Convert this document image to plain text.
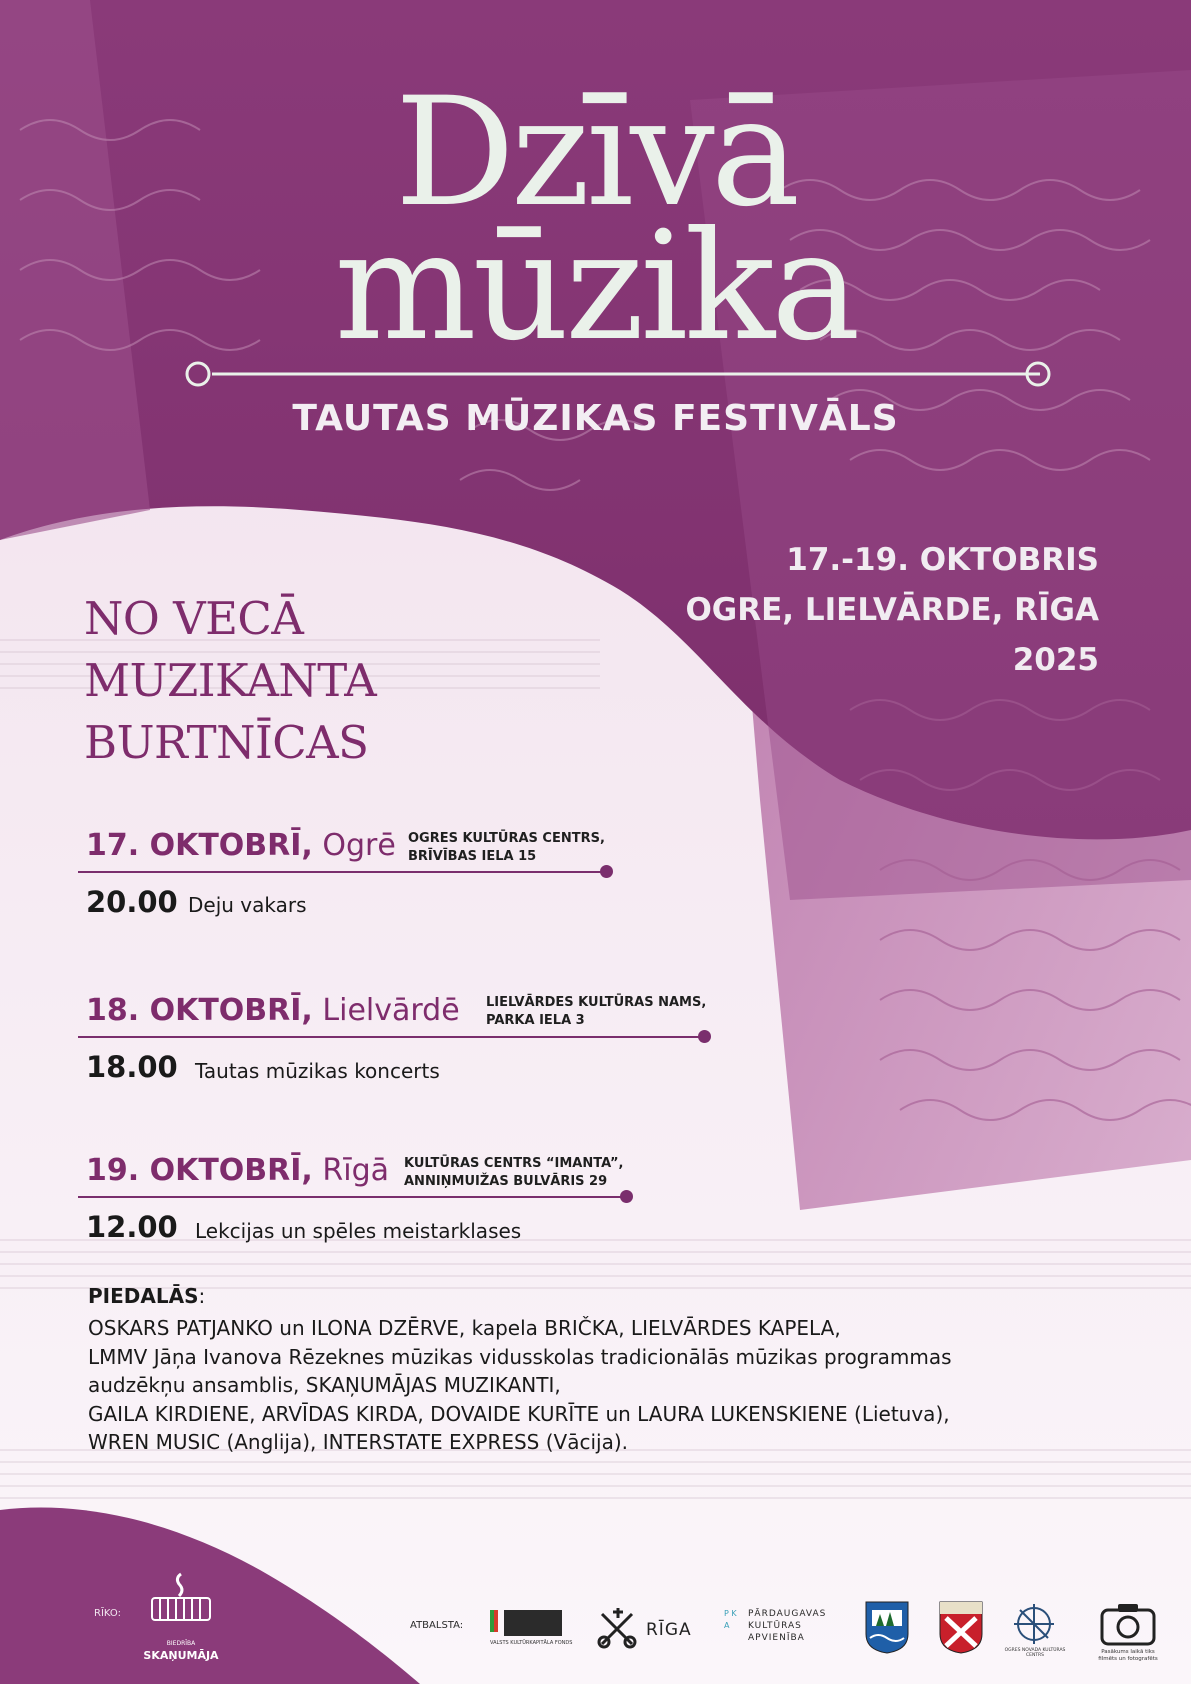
Dzīvā
mūzika
TAUTAS MŪZIKAS FESTIVĀLS
17.-19. OKTOBRIS
OGRE, LIELVĀRDE, RĪGA
2025
NO VECĀ
MUZIKANTA
BURTNĪCAS
17. OKTOBRĪ, Ogrē OGRES KULTŪRAS CENTRS,
BRĪVĪBAS IELA 15
20.00 Deju vakars
18. OKTOBRĪ, Lielvārdē LIELVĀRDES KULTŪRAS NAMS,
PARKA IELA 3
18.00 Tautas mūzikas koncerts
19. OKTOBRĪ, Rīgā KULTŪRAS CENTRS “IMANTA”,
ANNIŅMUIŽAS BULVĀRIS 29
12.00 Lekcijas un spēles meistarklases
PIEDALĀS:
OSKARS PATJANKO un ILONA DZĒRVE, kapela BRIČKA, LIELVĀRDES KAPELA,
LMMV Jāņa Ivanova Rēzeknes mūzikas vidusskolas tradicionālās mūzikas programmas
audzēkņu ansamblis, SKAŅUMĀJAS MUZIKANTI,
GAILA KIRDIENE, ARVĪDAS KIRDA, DOVAIDE KURĪTE un LAURA LUKENSKIENE (Lietuva),
WREN MUSIC (Anglija), INTERSTATE EXPRESS (Vācija).
RĪKO:
BIEDRĪBA
SKAŅUMĀJA
ATBALSTA:
VALSTS KULTŪRKAPITĀLA FONDS
RĪGA
P K A
PĀRDAUGAVAS
KULTŪRAS
APVIENĪBA
OGRES NOVADA KULTŪRAS CENTRS
Pasākums laikā tiks
filmēts un fotografēts
